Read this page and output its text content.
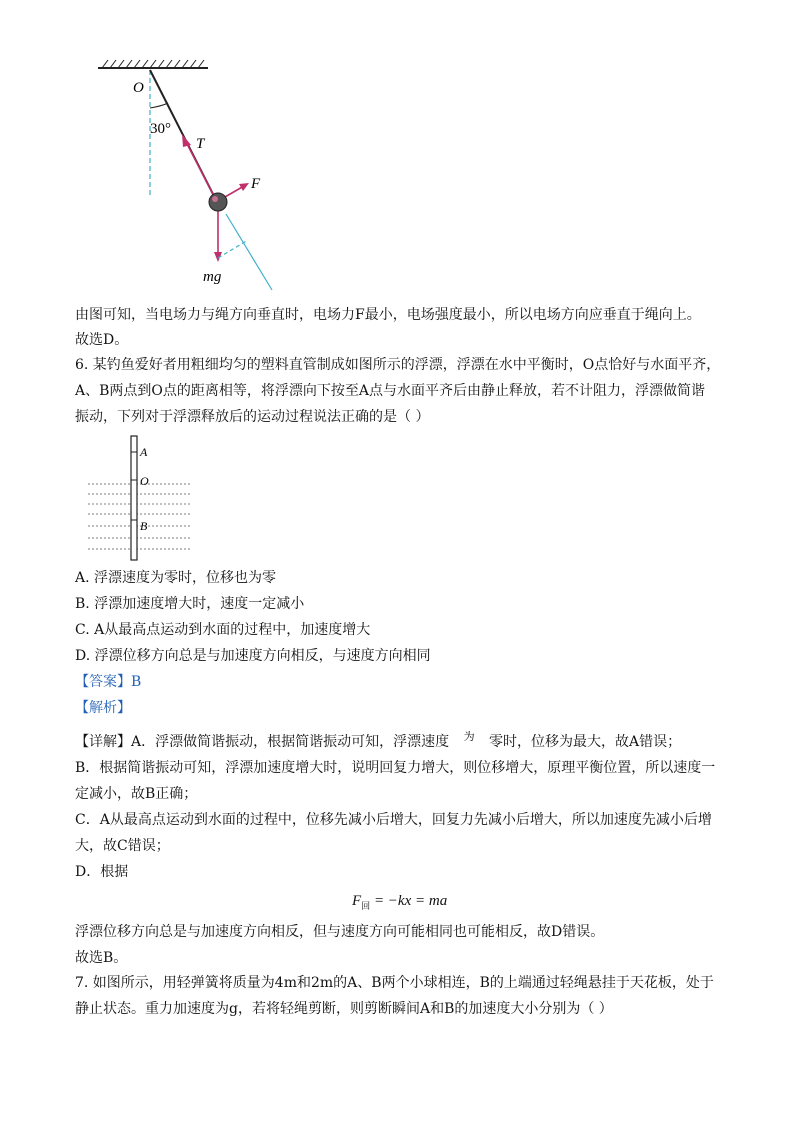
O
30°
T
F
mg
由图可知，当电场力与绳方向垂直时，电场力F最小，电场强度最小，所以电场方向应垂直于绳向上。
故选D。
6. 某钓鱼爱好者用粗细均匀的塑料直管制成如图所示的浮漂，浮漂在水中平衡时，O点恰好与水面平齐，
A、B两点到O点的距离相等，将浮漂向下按至A点与水面平齐后由静止释放，若不计阻力，浮漂做简谐
振动，下列对于浮漂释放后的运动过程说法正确的是（ ）
A
O
B
A. 浮漂速度为零时，位移也为零
B. 浮漂加速度增大时，速度一定减小
C. A从最高点运动到水面的过程中，加速度增大
D. 浮漂位移方向总是与加速度方向相反，与速度方向相同
【答案】B
【解析】
【详解】A．浮漂做简谐振动，根据简谐振动可知，浮漂速度 为 零时，位移为最大，故A错误；
B．根据简谐振动可知，浮漂加速度增大时，说明回复力增大，则位移增大，原理平衡位置，所以速度一
定减小，故B正确；
C．A从最高点运动到水面的过程中，位移先减小后增大，回复力先减小后增大，所以加速度先减小后增
大，故C错误；
D．根据
$F_回 = -kx$ = ma
浮漂位移方向总是与加速度方向相反，但与速度方向可能相同也可能相反，故D错误。
故选B。
7. 如图所示，用轻弹簧将质量为4m和2m的A、B两个小球相连，B的上端通过轻绳悬挂于天花板，处于
静止状态。重力加速度为g，若将轻绳剪断，则剪断瞬间A和B的加速度大小分别为（ ）
